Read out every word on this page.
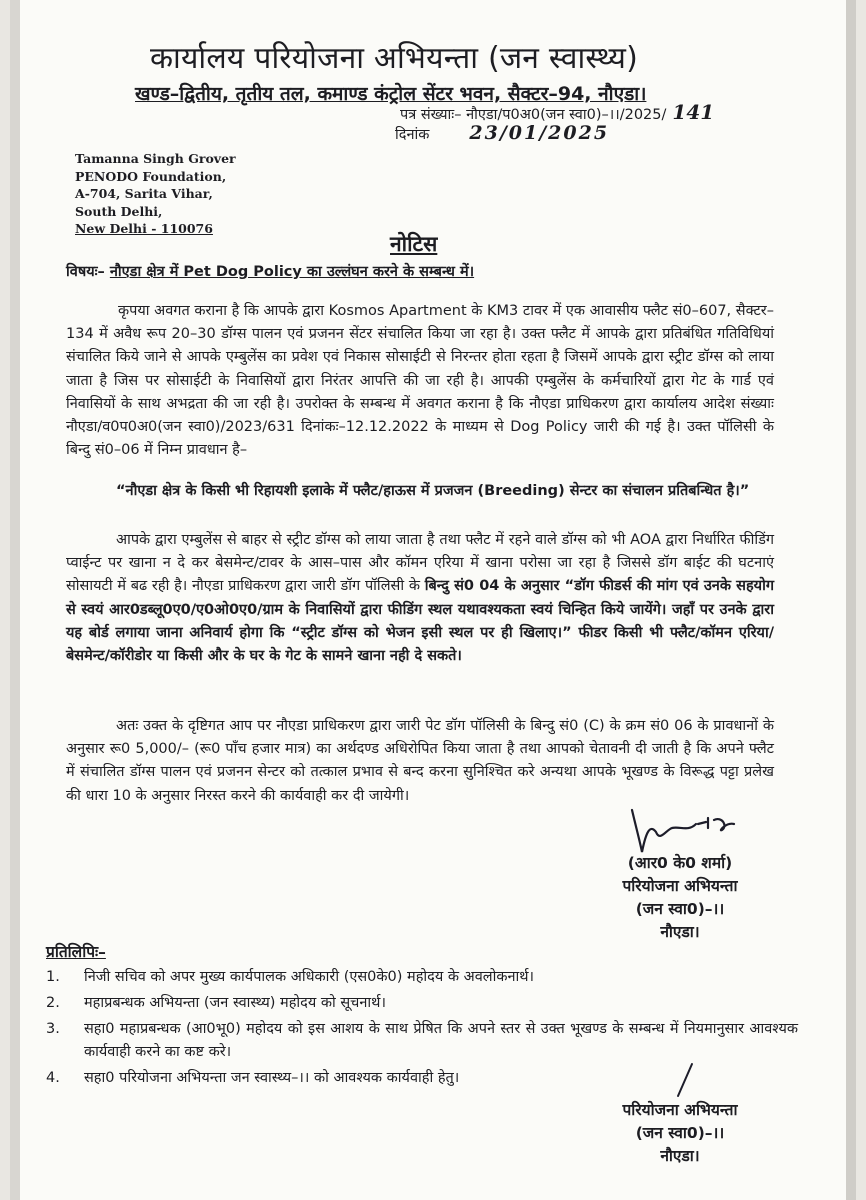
कार्यालय परियोजना अभियन्ता (जन स्वास्थ्य)
खण्ड–द्वितीय, तृतीय तल, कमाण्ड कंट्रोल सेंटर भवन, सैक्टर–94, नौएडा।
पत्र संख्याः– नौएडा/प0अ0(जन स्वा0)–।।/2025/ 141
दिनांक 23/01/2025
Tamanna Singh Grover
PENODO Foundation,
A-704, Sarita Vihar,
South Delhi,
New Delhi - 110076
नोटिस
विषयः– नौएडा क्षेत्र में Pet Dog Policy का उल्लंघन करने के सम्बन्ध में।
कृपया अवगत कराना है कि आपके द्वारा Kosmos Apartment के KM3 टावर में एक आवासीय फ्लैट सं0–607, सैक्टर–134 में अवैध रूप 20–30 डॉग्स पालन एवं प्रजनन सेंटर संचालित किया जा रहा है। उक्त फ्लैट में आपके द्वारा प्रतिबंधित गतिविधियां संचालित किये जाने से आपके एम्बुलेंस का प्रवेश एवं निकास सोसाईटी से निरन्तर होता रहता है जिसमें आपके द्वारा स्ट्रीट डॉग्स को लाया जाता है जिस पर सोसाईटी के निवासियों द्वारा निरंतर आपत्ति की जा रही है। आपकी एम्बुलेंस के कर्मचारियों द्वारा गेट के गार्ड एवं निवासियों के साथ अभद्रता की जा रही है। उपरोक्त के सम्बन्ध में अवगत कराना है कि नौएडा प्राधिकरण द्वारा कार्यालय आदेश संख्याः नौएडा/व0प0अ0(जन स्वा0)/2023/631 दिनांकः–12.12.2022 के माध्यम से Dog Policy जारी की गई है। उक्त पॉलिसी के बिन्दु सं0–06 में निम्न प्रावधान है–
“नौएडा क्षेत्र के किसी भी रिहायशी इलाके में फ्लैट/हाऊस में प्रजजन (Breeding) सेन्टर का संचालन प्रतिबन्धित है।”
आपके द्वारा एम्बुलेंस से बाहर से स्ट्रीट डॉग्स को लाया जाता है तथा फ्लैट में रहने वाले डॉग्स को भी AOA द्वारा निर्धारित फीडिंग प्वाईन्ट पर खाना न दे कर बेसमेन्ट/टावर के आस–पास और कॉमन एरिया में खाना परोसा जा रहा है जिससे डॉग बाईट की घटनाएं सोसायटी में बढ रही है। नौएडा प्राधिकरण द्वारा जारी डॉग पॉलिसी के बिन्दु सं0 04 के अनुसार “डॉग फीडर्स की मांग एवं उनके सहयोग से स्वयं आर0डब्लू0ए0/ए0ओ0ए0/ग्राम के निवासियों द्वारा फीडिंग स्थल यथावश्यकता स्वयं चिन्हित किये जायेंगे। जहॉं पर उनके द्वारा यह बोर्ड लगाया जाना अनिवार्य होगा कि “स्ट्रीट डॉग्स को भेजन इसी स्थल पर ही खिलाए।” फीडर किसी भी फ्लैट/कॉमन एरिया/बेसमेन्ट/कॉरीडोर या किसी और के घर के गेट के सामने खाना नही दे सकते।
अतः उक्त के दृष्टिगत आप पर नौएडा प्राधिकरण द्वारा जारी पेट डॉग पॉलिसी के बिन्दु सं0 (C) के क्रम सं0 06 के प्रावधानों के अनुसार रू0 5,000/– (रू0 पॉंच हजार मात्र) का अर्थदण्ड अधिरोपित किया जाता है तथा आपको चेतावनी दी जाती है कि अपने फ्लैट में संचालित डॉग्स पालन एवं प्रजनन सेन्टर को तत्काल प्रभाव से बन्द करना सुनिश्चित करे अन्यथा आपके भूखण्ड के विरूद्ध पट्टा प्रलेख की धारा 10 के अनुसार निरस्त करने की कार्यवाही कर दी जायेगी।
(आर0 के0 शर्मा)
परियोजना अभियन्ता
(जन स्वा0)–।।
नौएडा।
प्रतिलिपिः–
1. निजी सचिव को अपर मुख्य कार्यपालक अधिकारी (एस0के0) महोदय के अवलोकनार्थ।
2. महाप्रबन्धक अभियन्ता (जन स्वास्थ्य) महोदय को सूचनार्थ।
3. सहा0 महाप्रबन्धक (आ0भू0) महोदय को इस आशय के साथ प्रेषित कि अपने स्तर से उक्त भूखण्ड के सम्बन्ध में नियमानुसार आवश्यक कार्यवाही करने का कष्ट करे।
4. सहा0 परियोजना अभियन्ता जन स्वास्थ्य–।। को आवश्यक कार्यवाही हेतु।
परियोजना अभियन्ता
(जन स्वा0)–।।
नौएडा।
